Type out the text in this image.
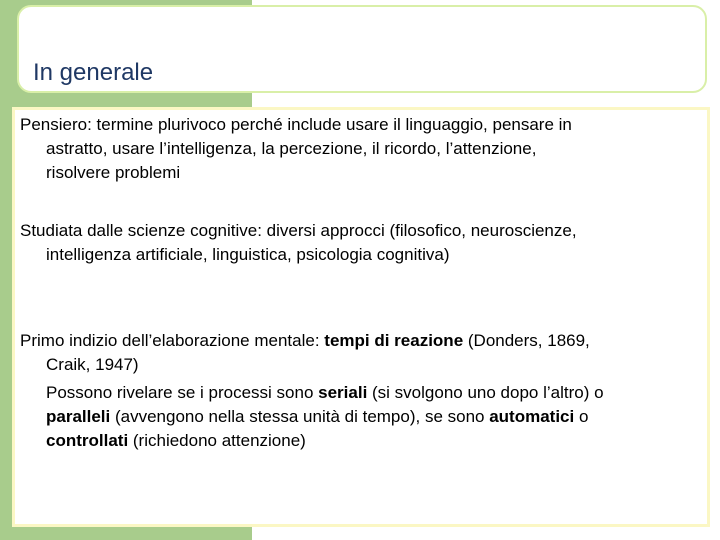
In generale
Pensiero: termine plurivoco perché include usare il linguaggio, pensare in
astratto, usare l’intelligenza, la percezione, il ricordo, l’attenzione,
risolvere problemi
Studiata dalle scienze cognitive: diversi approcci (filosofico, neuroscienze,
intelligenza artificiale, linguistica, psicologia cognitiva)
Primo indizio dell’elaborazione mentale: tempi di reazione (Donders, 1869,
Craik, 1947)
Possono rivelare se i processi sono seriali (si svolgono uno dopo l’altro) o
paralleli (avvengono nella stessa unità di tempo), se sono automatici o
controllati (richiedono attenzione)
